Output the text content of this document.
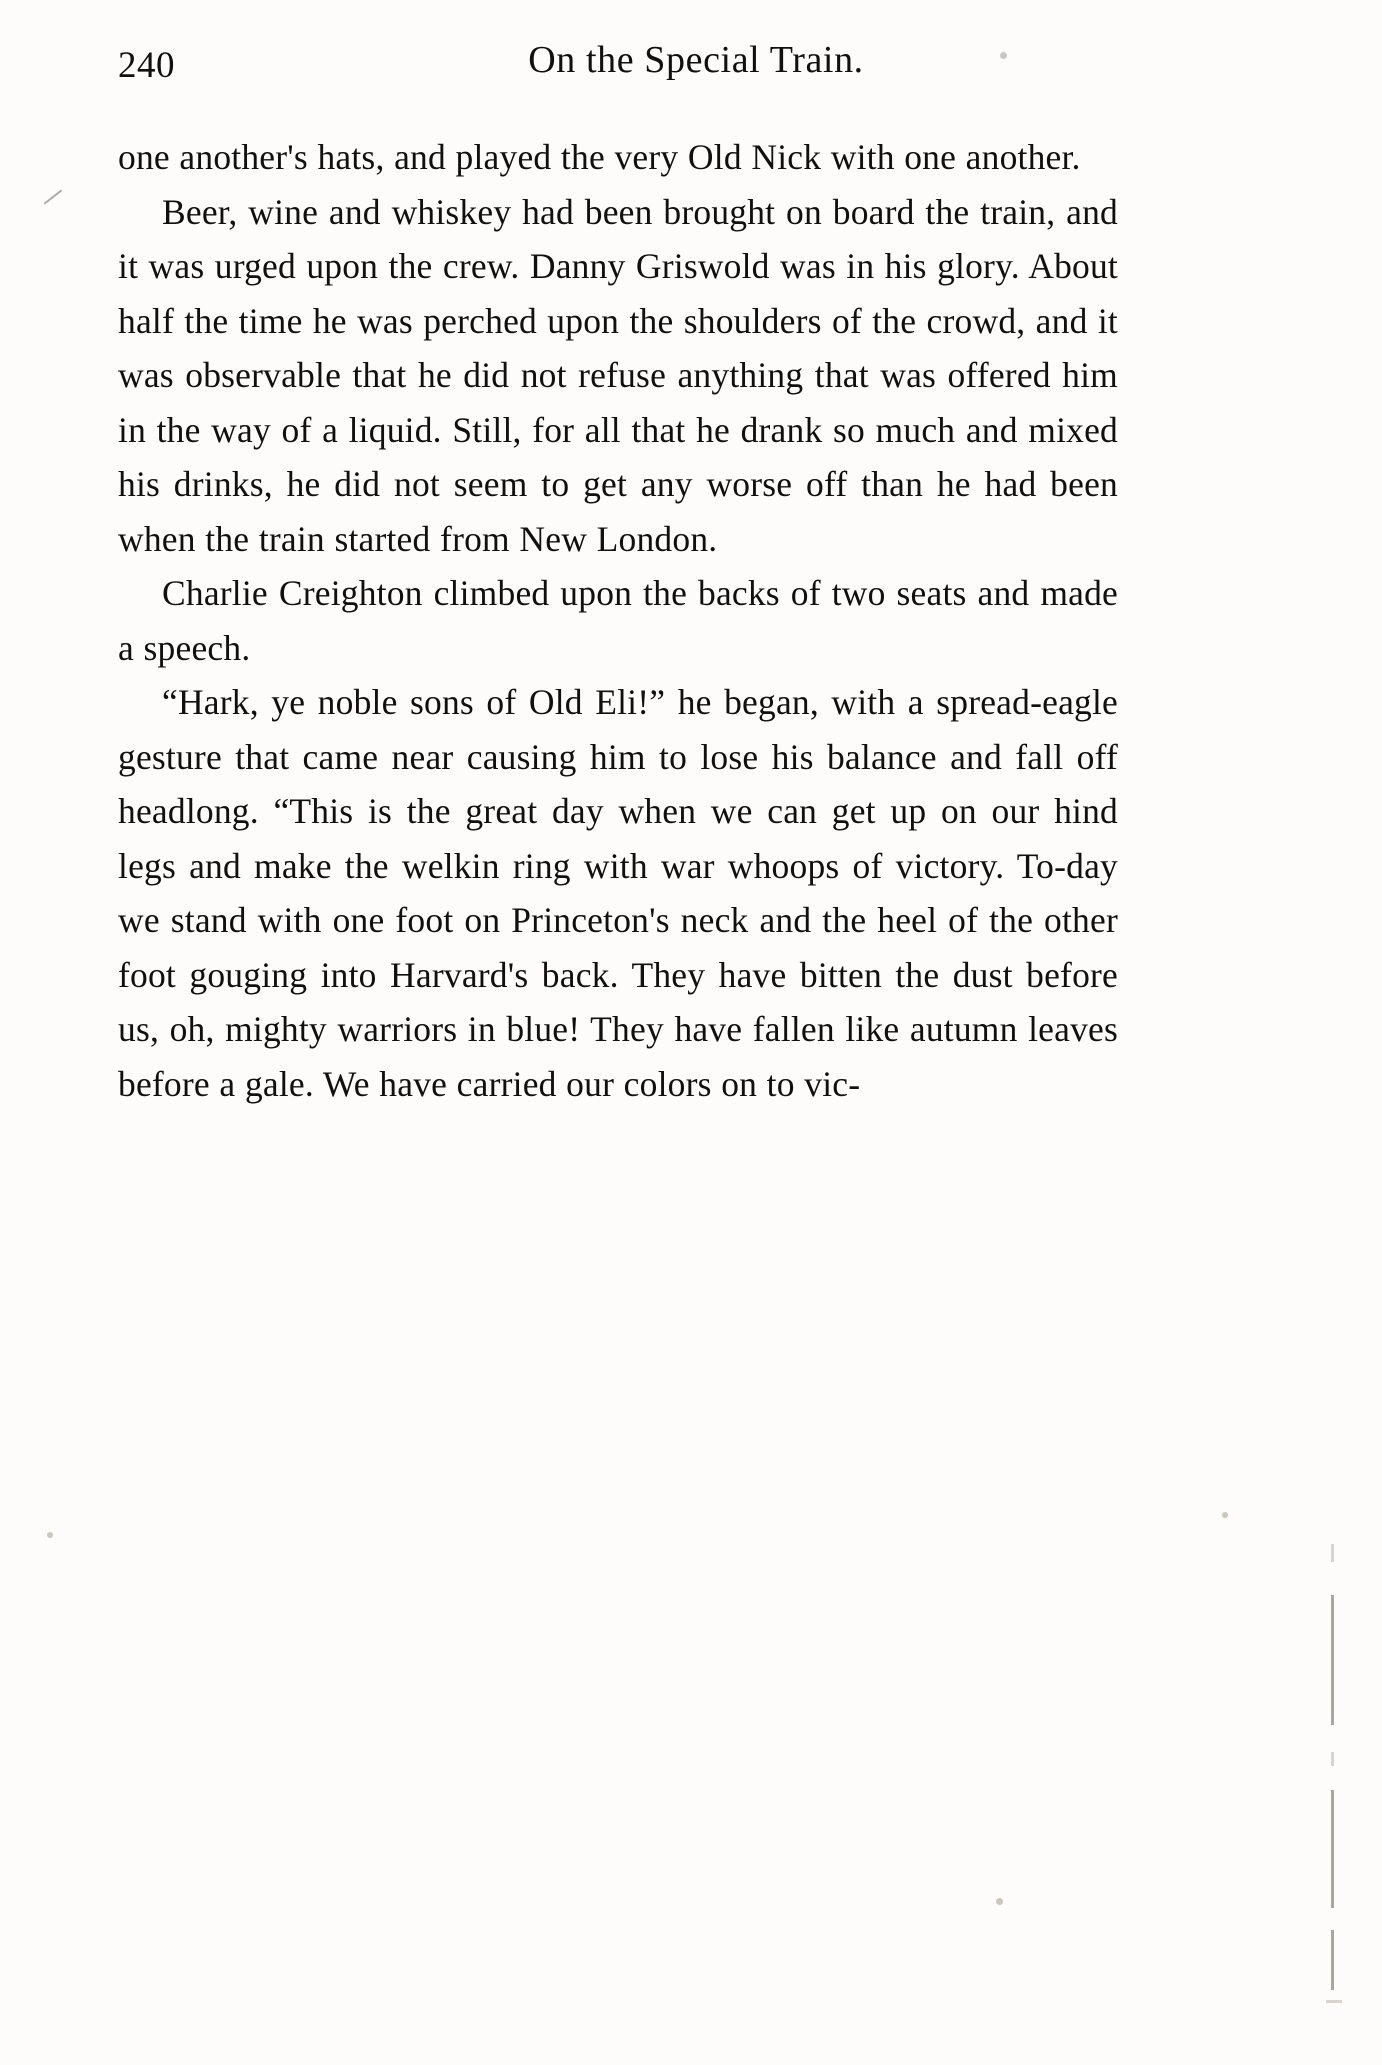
240	On the Special Train.

one another's hats, and played the very Old Nick with one another.

Beer, wine and whiskey had been brought on board the train, and it was urged upon the crew. Danny Griswold was in his glory. About half the time he was perched upon the shoulders of the crowd, and it was observable that he did not refuse anything that was offered him in the way of a liquid. Still, for all that he drank so much and mixed his drinks, he did not seem to get any worse off than he had been when the train started from New London.

Charlie Creighton climbed upon the backs of two seats and made a speech.

“Hark, ye noble sons of Old Eli!” he began, with a spread-eagle gesture that came near causing him to lose his balance and fall off headlong. “This is the great day when we can get up on our hind legs and make the welkin ring with war whoops of victory. To-day we stand with one foot on Princeton's neck and the heel of the other foot gouging into Harvard's back. They have bitten the dust before us, oh, mighty warriors in blue! They have fallen like autumn leaves before a gale. We have carried our colors on to vic-
